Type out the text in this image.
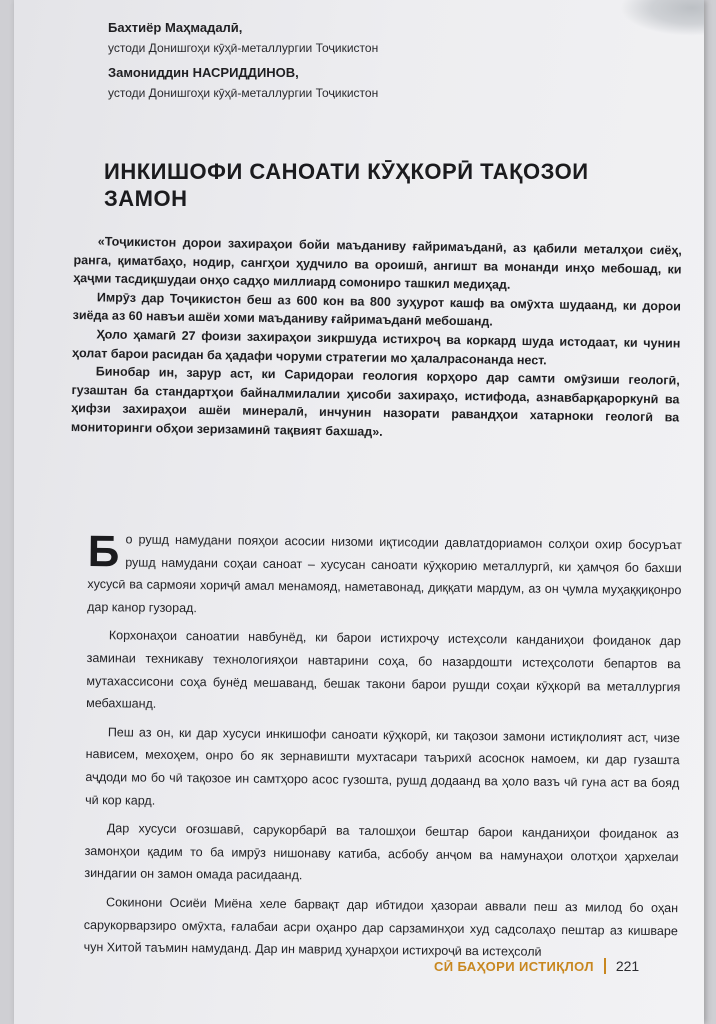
Бахтиёр Маҳмадалӣ,
устоди Донишгоҳи кӯҳӣ-металлургии Тоҷикистон
Замониддин НАСРИДДИНОВ,
устоди Донишгоҳи кӯҳӣ-металлургии Тоҷикистон
ИНКИШОФИ САНОАТИ КӮҲКОРӢ ТАҚОЗОИ ЗАМОН

«Тоҷикистон дорои захираҳои бойи маъданиву ғайримаъданӣ, аз қабили металҳои сиёҳ, ранга, қиматбаҳо, нодир, сангҳои ҳудчило ва ороишӣ, ангишт ва монанди инҳо мебошад, ки ҳаҷми тасдиқшудаи онҳо садҳо миллиард сомониро ташкил медиҳад.

Имрӯз дар Тоҷикистон беш аз 600 кон ва 800 зуҳурот кашф ва омӯхта шудаанд, ки дорои зиёда аз 60 навъи ашёи хоми маъданиву ғайримаъданӣ мебошанд.

Ҳоло ҳамагӣ 27 фоизи захираҳои зикршуда истихроҷ ва коркард шуда истодаат, ки чунин ҳолат барои расидан ба ҳадафи чоруми стратегии мо ҳалалрасонанда нест.

Бинобар ин, зарур аст, ки Саридораи геология корҳоро дар самти омӯзиши геологӣ, гузаштан ба стандартҳои байналмилалии ҳисоби захираҳо, истифода, азнавбарқароркунӣ ва ҳифзи захираҳои ашёи минералӣ, инчунин назорати равандҳои хатарноки геологӣ ва мониторинги обҳои зеризаминӣ тақвият бахшад».

Бо рушд намудани пояҳои асосии низоми иқтисодии давлатдориамон солҳои охир босуръат рушд намудани соҳаи саноат – хусусан саноати кӯҳкорию металлургӣ, ки ҳамҷоя бо бахши хусусӣ ва сармояи хориҷӣ амал менамояд, наметавонад, диққати мардум, аз он ҷумла муҳаққиқонро дар канор гузорад.

Корхонаҳои саноатии навбунёд, ки барои истихроҷу истеҳсоли канданиҳои фоиданок дар заминаи техникаву технологияҳои навтарини соҳа, бо назардошти истеҳсолоти бепартов ва мутахассисони соҳа бунёд мешаванд, бешак такони барои рушди соҳаи кӯҳкорӣ ва металлургия мебахшанд.

Пеш аз он, ки дар хусуси инкишофи саноати кӯҳкорӣ, ки тақозои замони истиқлолият аст, чизе нависем, мехоҳем, онро бо як зернавишти мухтасари таърихӣ асоснок намоем, ки дар гузашта аҷдоди мо бо чӣ тақозое ин самтҳоро асос гузошта, рушд додаанд ва ҳоло вазъ чӣ гуна аст ва бояд чӣ кор кард.

Дар хусуси оғозшавӣ, сарукорбарӣ ва талошҳои бештар барои канданиҳои фоиданок аз замонҳои қадим то ба имрӯз нишонаву катиба, асбобу анҷом ва намунаҳои олотҳои ҳархелаи зиндагии он замон омада расидаанд.

Сокинони Осиёи Миёна хеле барвақт дар ибтидои ҳазораи аввали пеш аз милод бо оҳан сарукорварзиро омӯхта, ғалабаи асри оҳанро дар сарзаминҳои худ садсолаҳо пештар аз кишваре чун Хитой таъмин намуданд. Дар ин маврид ҳунарҳои истихроҷӣ ва истеҳсолӣ

СӢ БАҲОРИ ИСТИҚЛОЛ 221
